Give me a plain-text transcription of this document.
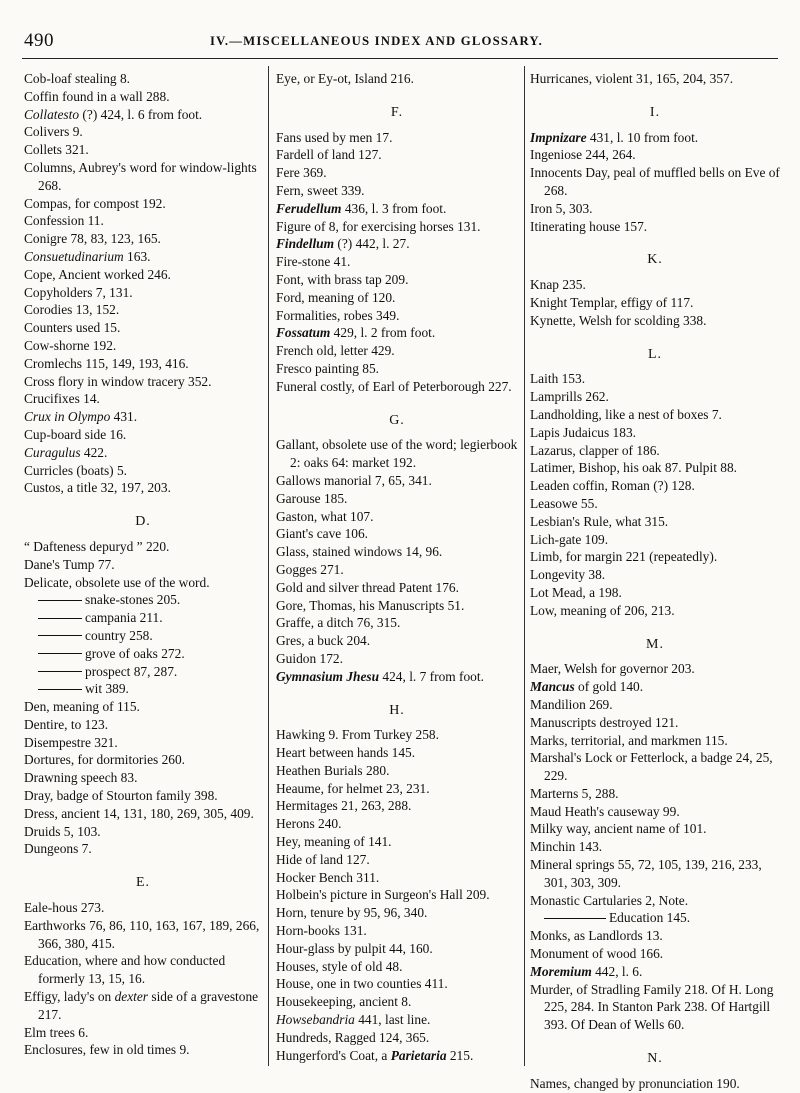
490	IV.—MISCELLANEOUS INDEX AND GLOSSARY.

Cob-loaf stealing 8.

Coffin found in a wall 288.

Collatesto (?) 424, l. 6 from foot.

Colivers 9.

Collets 321.

Columns, Aubrey's word for window-lights 268.

Compas, for compost 192.

Confession 11.

Conigre 78, 83, 123, 165.

Consuetudinarium 163.

Cope, Ancient worked 246.

Copyholders 7, 131.

Corodies 13, 152.

Counters used 15.

Cow-shorne 192.

Cromlechs 115, 149, 193, 416.

Cross flory in window tracery 352.

Crucifixes 14.

Crux in Olympo 431.

Cup-board side 16.

Curagulus 422.

Curricles (boats) 5.

Custos, a title 32, 197, 203.

D.

“ Dafteness depuryd ” 220.

Dane's Tump 77.

Delicate, obsolete use of the word.

snake-stones 205.

campania 211.

country 258.

grove of oaks 272.

prospect 87, 287.

wit 389.

Den, meaning of 115.

Dentire, to 123.

Disempestre 321.

Dortures, for dormitories 260.

Drawning speech 83.

Dray, badge of Stourton family 398.

Dress, ancient 14, 131, 180, 269, 305, 409.

Druids 5, 103.

Dungeons 7.

E.

Eale-hous 273.

Earthworks 76, 86, 110, 163, 167, 189, 266, 366, 380, 415.

Education, where and how conducted formerly 13, 15, 16.

Effigy, lady's on dexter side of a gravestone 217.

Elm trees 6.

Enclosures, few in old times 9.

Eye, or Ey-ot, Island 216.

F.

Fans used by men 17.

Fardell of land 127.

Fere 369.

Fern, sweet 339.

Ferudellum 436, l. 3 from foot.

Figure of 8, for exercising horses 131.

Findellum (?) 442, l. 27.

Fire-stone 41.

Font, with brass tap 209.

Ford, meaning of 120.

Formalities, robes 349.

Fossatum 429, l. 2 from foot.

French old, letter 429.

Fresco painting 85.

Funeral costly, of Earl of Peterborough 227.

G.

Gallant, obsolete use of the word; legierbook 2: oaks 64: market 192.

Gallows manorial 7, 65, 341.

Garouse 185.

Gaston, what 107.

Giant's cave 106.

Glass, stained windows 14, 96.

Gogges 271.

Gold and silver thread Patent 176.

Gore, Thomas, his Manuscripts 51.

Graffe, a ditch 76, 315.

Gres, a buck 204.

Guidon 172.

Gymnasium Jhesu 424, l. 7 from foot.

H.

Hawking 9. From Turkey 258.

Heart between hands 145.

Heathen Burials 280.

Heaume, for helmet 23, 231.

Hermitages 21, 263, 288.

Herons 240.

Hey, meaning of 141.

Hide of land 127.

Hocker Bench 311.

Holbein's picture in Surgeon's Hall 209.

Horn, tenure by 95, 96, 340.

Horn-books 131.

Hour-glass by pulpit 44, 160.

Houses, style of old 48.

House, one in two counties 411.

Housekeeping, ancient 8.

Howsebandria 441, last line.

Hundreds, Ragged 124, 365.

Hungerford's Coat, a Parietaria 215.

Hurricanes, violent 31, 165, 204, 357.

I.

Impnizare 431, l. 10 from foot.

Ingeniose 244, 264.

Innocents Day, peal of muffled bells on Eve of 268.

Iron 5, 303.

Itinerating house 157.

K.

Knap 235.

Knight Templar, effigy of 117.

Kynette, Welsh for scolding 338.

L.

Laith 153.

Lamprills 262.

Landholding, like a nest of boxes 7.

Lapis Judaicus 183.

Lazarus, clapper of 186.

Latimer, Bishop, his oak 87. Pulpit 88.

Leaden coffin, Roman (?) 128.

Leasowe 55.

Lesbian's Rule, what 315.

Lich-gate 109.

Limb, for margin 221 (repeatedly).

Longevity 38.

Lot Mead, a 198.

Low, meaning of 206, 213.

M.

Maer, Welsh for governor 203.

Mancus of gold 140.

Mandilion 269.

Manuscripts destroyed 121.

Marks, territorial, and markmen 115.

Marshal's Lock or Fetterlock, a badge 24, 25, 229.

Marterns 5, 288.

Maud Heath's causeway 99.

Milky way, ancient name of 101.

Minchin 143.

Mineral springs 55, 72, 105, 139, 216, 233, 301, 303, 309.

Monastic Cartularies 2, Note.

Education 145.

Monks, as Landlords 13.

Monument of wood 166.

Moremium 442, l. 6.

Murder, of Stradling Family 218. Of H. Long 225, 284. In Stanton Park 238. Of Hartgill 393. Of Dean of Wells 60.

N.

Names, changed by pronunciation 190.
